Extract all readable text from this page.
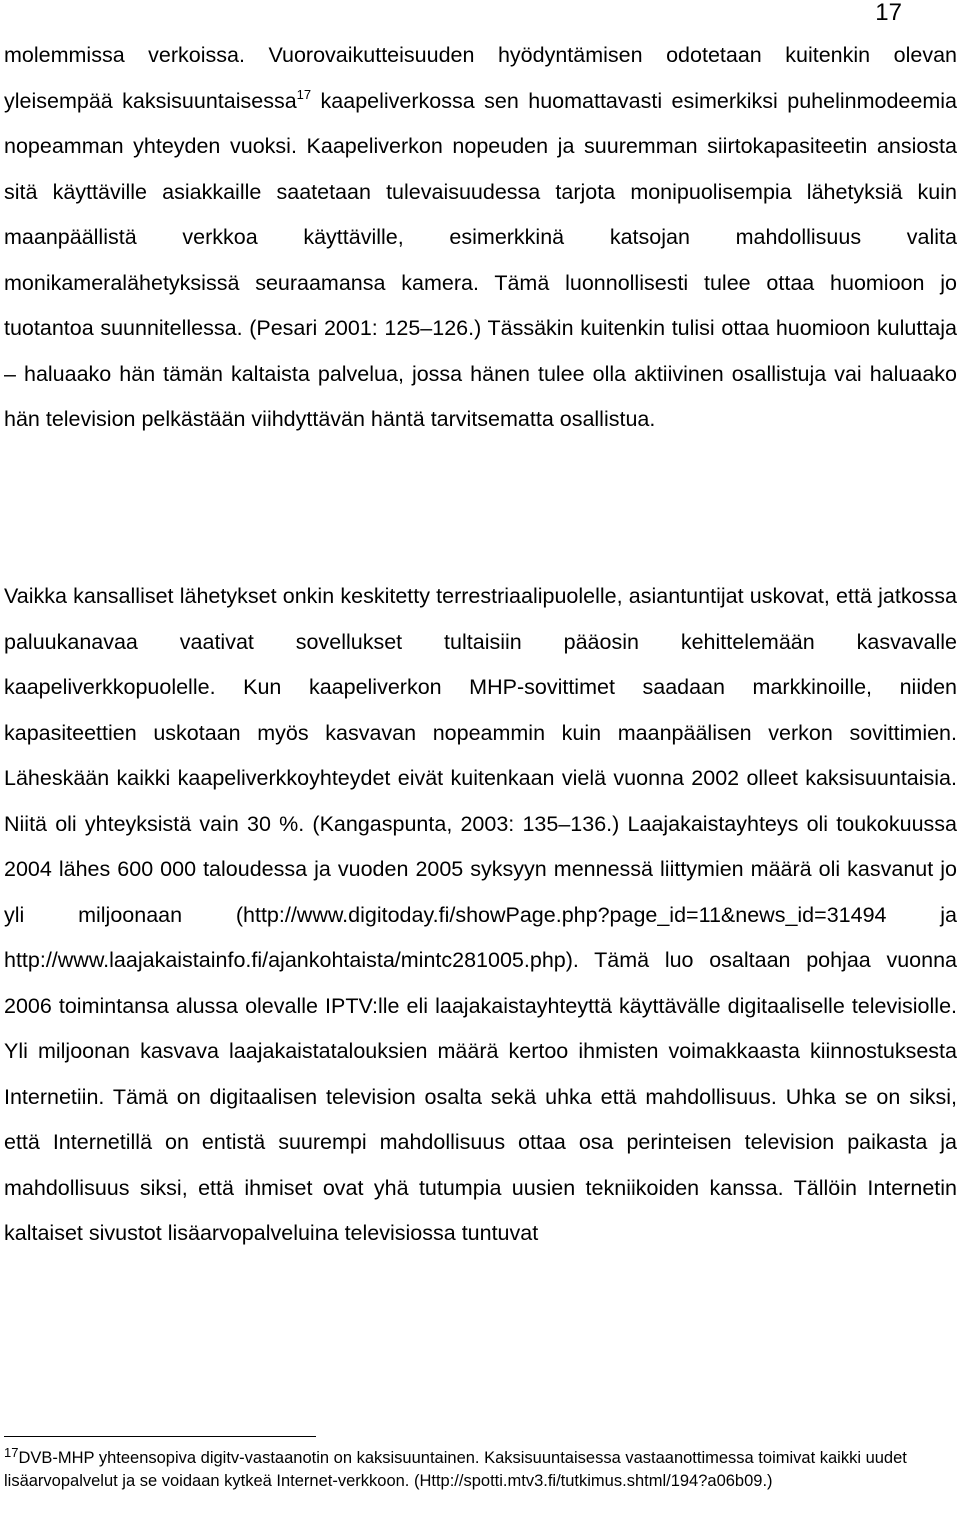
17

molemmissa verkoissa. Vuorovaikutteisuuden hyödyntämisen odotetaan kuitenkin olevan yleisempää kaksisuuntaisessa$^{17}$ kaapeliverkossa sen huomattavasti esimerkiksi puhelinmodeemia nopeamman yhteyden vuoksi. Kaapeliverkon nopeuden ja suuremman siirtokapasiteetin ansiosta sitä käyttäville asiakkaille saatetaan tulevaisuudessa tarjota monipuolisempia lähetyksiä kuin maanpäällistä verkkoa käyttäville, esimerkkinä katsojan mahdollisuus valita monikameralähetyksissä seuraamansa kamera. Tämä luonnollisesti tulee ottaa huomioon jo tuotantoa suunnitellessa. (Pesari 2001: 125–126.) Tässäkin kuitenkin tulisi ottaa huomioon kuluttaja – haluaako hän tämän kaltaista palvelua, jossa hänen tulee olla aktiivinen osallistuja vai haluaako hän television pelkästään viihdyttävän häntä tarvitsematta osallistua.

Vaikka kansalliset lähetykset onkin keskitetty terrestriaalipuolelle, asiantuntijat uskovat, että jatkossa paluukanavaa vaativat sovellukset tultaisiin pääosin kehittelemään kasvavalle kaapeliverkkopuolelle. Kun kaapeliverkon MHP-sovittimet saadaan markkinoille, niiden kapasiteettien uskotaan myös kasvavan nopeammin kuin maanpäälisen verkon sovittimien. Läheskään kaikki kaapeliverkkoyhteydet eivät kuitenkaan vielä vuonna 2002 olleet kaksisuuntaisia. Niitä oli yhteyksistä vain 30 %. (Kangaspunta, 2003: 135–136.) Laajakaistayhteys oli toukokuussa 2004 lähes 600 000 taloudessa ja vuoden 2005 syksyyn mennessä liittymien määrä oli kasvanut jo yli miljoonaan (http://www.digitoday.fi/showPage.php?page_id=11&news_id=31494 ja http://www.laajakaistainfo.fi/ajankohtaista/mintc281005.php). Tämä luo osaltaan pohjaa vuonna 2006 toimintansa alussa olevalle IPTV:lle eli laajakaistayhteyttä käyttävälle digitaaliselle televisiolle. Yli miljoonan kasvava laajakaistatalouksien määrä kertoo ihmisten voimakkaasta kiinnostuksesta Internetiin. Tämä on digitaalisen television osalta sekä uhka että mahdollisuus. Uhka se on siksi, että Internetillä on entistä suurempi mahdollisuus ottaa osa perinteisen television paikasta ja mahdollisuus siksi, että ihmiset ovat yhä tutumpia uusien tekniikoiden kanssa. Tällöin Internetin kaltaiset sivustot lisäarvopalveluina televisiossa tuntuvat

$^{17}$DVB-MHP yhteensopiva digitv-vastaanotin on kaksisuuntainen. Kaksisuuntaisessa vastaanottimessa toimivat kaikki uudet lisäarvopalvelut ja se voidaan kytkeä Internet-verkkoon. (Http://spotti.mtv3.fi/tutkimus.shtml/194?a06b09.)
